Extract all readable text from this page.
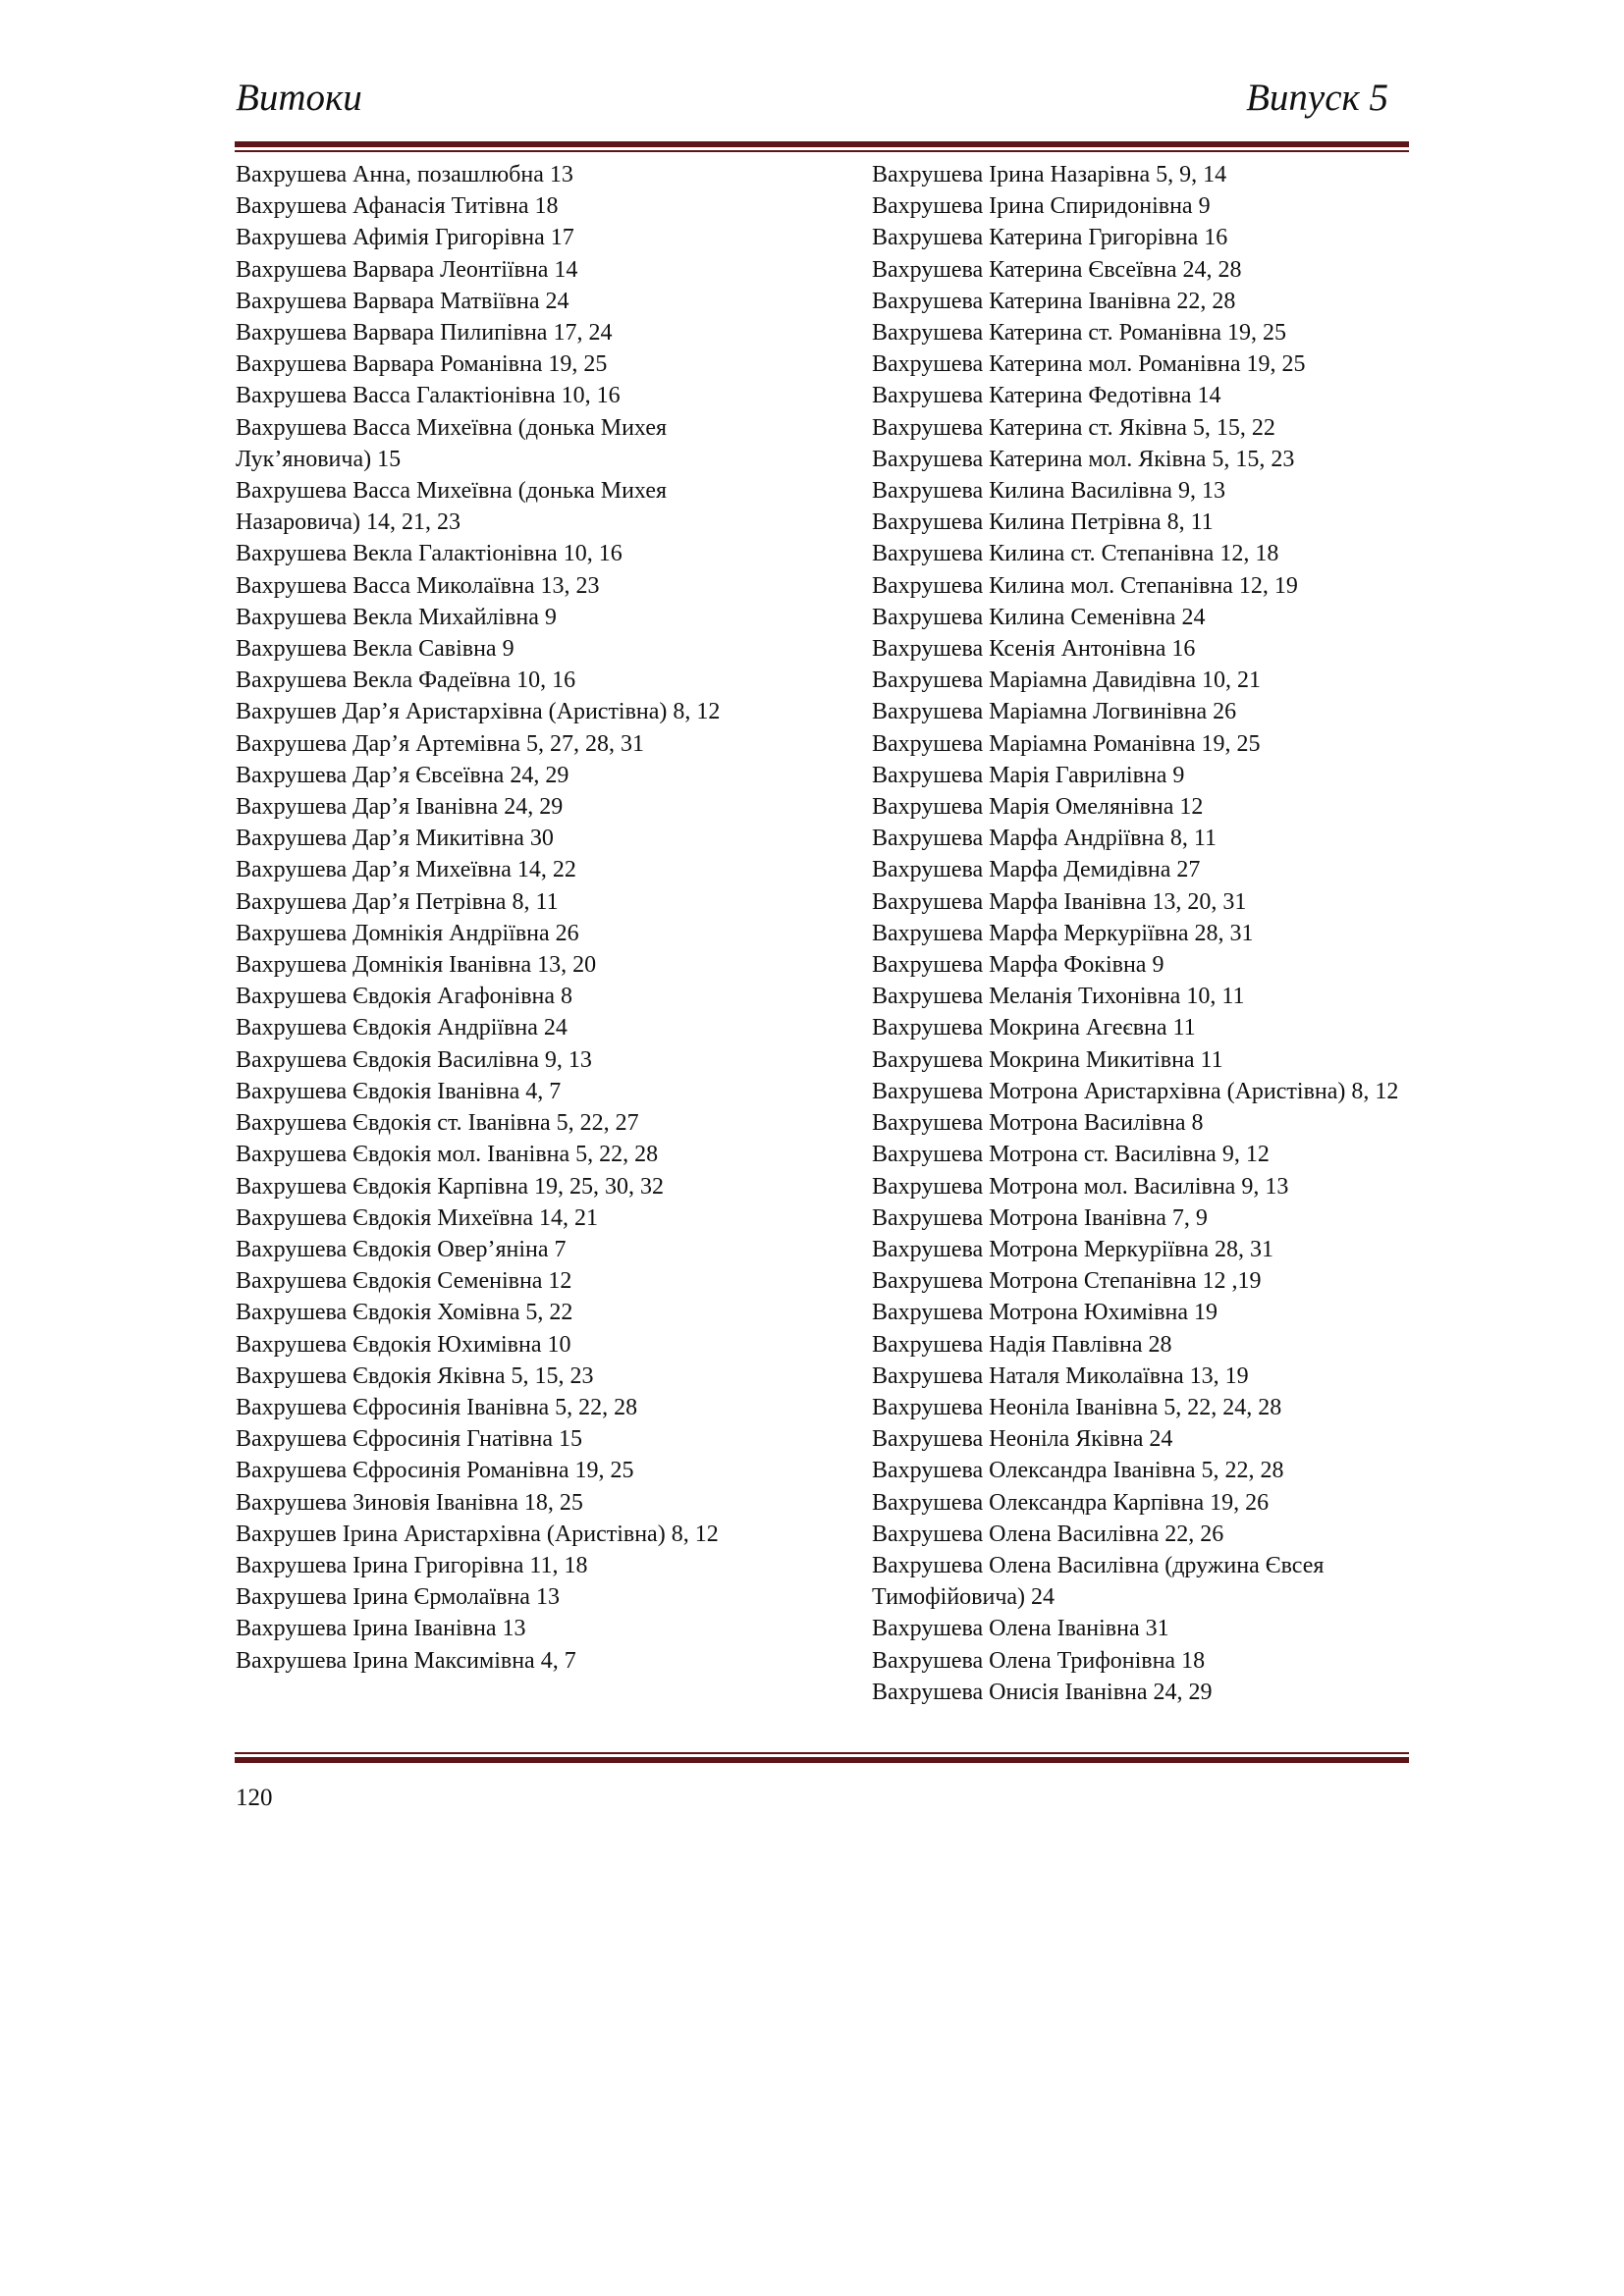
Витоки	Випуск 5
Вахрушева Анна, позашлюбна 13
Вахрушева Афанасія Титівна 18
Вахрушева Афимія Григорівна 17
Вахрушева Варвара Леонтіївна 14
Вахрушева Варвара Матвіївна 24
Вахрушева Варвара Пилипівна 17, 24
Вахрушева Варвара Романівна 19, 25
Вахрушева Васса Галактіонівна 10, 16
Вахрушева Васса Михеївна (донька Михея Лук’яновича) 15
Вахрушева Васса Михеївна (донька Михея Назаровича) 14, 21, 23
Вахрушева Векла Галактіонівна 10, 16
Вахрушева Васса Миколаївна 13, 23
Вахрушева Векла Михайлівна 9
Вахрушева Векла Савівна 9
Вахрушева Векла Фадеївна 10, 16
Вахрушев Дар’я Аристархівна (Аристівна) 8, 12
Вахрушева Дар’я Артемівна 5, 27, 28, 31
Вахрушева Дар’я Євсеївна 24, 29
Вахрушева Дар’я Іванівна 24, 29
Вахрушева Дар’я Микитівна 30
Вахрушева Дар’я Михеївна 14, 22
Вахрушева Дар’я Петрівна 8, 11
Вахрушева Домнікія Андріївна 26
Вахрушева Домнікія Іванівна 13, 20
Вахрушева Євдокія Агафонівна 8
Вахрушева Євдокія Андріївна 24
Вахрушева Євдокія Василівна 9, 13
Вахрушева Євдокія Іванівна 4, 7
Вахрушева Євдокія ст. Іванівна 5, 22, 27
Вахрушева Євдокія мол. Іванівна 5, 22, 28
Вахрушева Євдокія Карпівна 19, 25, 30, 32
Вахрушева Євдокія Михеївна 14, 21
Вахрушева Євдокія Овер’яніна 7
Вахрушева Євдокія Семенівна 12
Вахрушева Євдокія Хомівна 5, 22
Вахрушева Євдокія Юхимівна 10
Вахрушева Євдокія Яківна 5, 15, 23
Вахрушева Єфросинія Іванівна 5, 22, 28
Вахрушева Єфросинія Гнатівна 15
Вахрушева Єфросинія Романівна 19, 25
Вахрушева Зиновія Іванівна 18, 25
Вахрушев Ірина Аристархівна (Аристівна) 8, 12
Вахрушева Ірина Григорівна 11, 18
Вахрушева Ірина Єрмолаївна 13
Вахрушева Ірина Іванівна 13
Вахрушева Ірина Максимівна 4, 7
Вахрушева Ірина Назарівна 5, 9, 14
Вахрушева Ірина Спиридонівна 9
Вахрушева Катерина Григорівна 16
Вахрушева Катерина Євсеївна 24, 28
Вахрушева Катерина Іванівна 22, 28
Вахрушева Катерина ст. Романівна 19, 25
Вахрушева Катерина мол. Романівна 19, 25
Вахрушева Катерина Федотівна 14
Вахрушева Катерина ст. Яківна 5, 15, 22
Вахрушева Катерина мол. Яківна 5, 15, 23
Вахрушева Килина Василівна 9, 13
Вахрушева Килина Петрівна 8, 11
Вахрушева Килина ст. Степанівна 12, 18
Вахрушева Килина мол. Степанівна 12, 19
Вахрушева Килина Семенівна 24
Вахрушева Ксенія Антонівна 16
Вахрушева Маріамна Давидівна 10, 21
Вахрушева Маріамна Логвинівна 26
Вахрушева Маріамна Романівна 19, 25
Вахрушева Марія Гаврилівна 9
Вахрушева Марія Омелянівна 12
Вахрушева Марфа Андріївна 8, 11
Вахрушева Марфа Демидівна 27
Вахрушева Марфа Іванівна 13, 20, 31
Вахрушева Марфа Меркуріївна 28, 31
Вахрушева Марфа Фоківна 9
Вахрушева Меланія Тихонівна 10, 11
Вахрушева Мокрина Агеєвна 11
Вахрушева Мокрина Микитівна 11
Вахрушева Мотрона Аристархівна (Аристівна) 8, 12
Вахрушева Мотрона Василівна 8
Вахрушева Мотрона ст. Василівна 9, 12
Вахрушева Мотрона мол. Василівна 9, 13
Вахрушева Мотрона Іванівна 7, 9
Вахрушева Мотрона Меркуріївна 28, 31
Вахрушева Мотрона Степанівна 12 ,19
Вахрушева Мотрона Юхимівна 19
Вахрушева Надія Павлівна 28
Вахрушева Наталя Миколаївна 13, 19
Вахрушева Неоніла Іванівна 5, 22, 24, 28
Вахрушева Неоніла Яківна 24
Вахрушева Олександра Іванівна 5, 22, 28
Вахрушева Олександра Карпівна 19, 26
Вахрушева Олена Василівна 22, 26
Вахрушева Олена Василівна (дружина Євсея Тимофійовича) 24
Вахрушева Олена Іванівна 31
Вахрушева Олена Трифонівна 18
Вахрушева Онисія Іванівна 24, 29
120
